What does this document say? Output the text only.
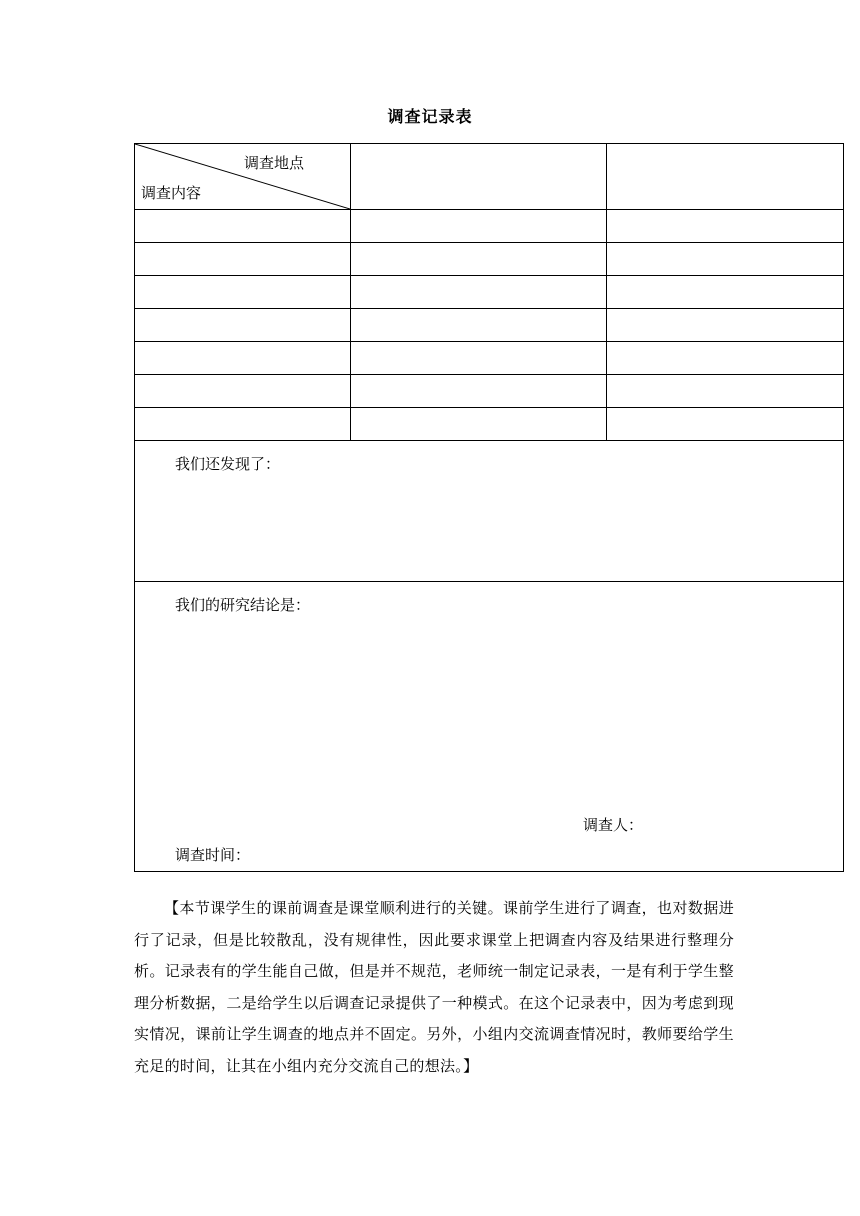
调查记录表
调查地点
调查内容		

我们还发现了：		

我们的研究结论是：
调查人：
调查时间：		

【本节课学生的课前调查是课堂顺利进行的关键。课前学生进行了调查，也对数据进行了记录，但是比较散乱，没有规律性，因此要求课堂上把调查内容及结果进行整理分析。记录表有的学生能自己做，但是并不规范，老师统一制定记录表，一是有利于学生整理分析数据，二是给学生以后调查记录提供了一种模式。在这个记录表中，因为考虑到现实情况，课前让学生调查的地点并不固定。另外，小组内交流调查情况时，教师要给学生充足的时间，让其在小组内充分交流自己的想法。】
